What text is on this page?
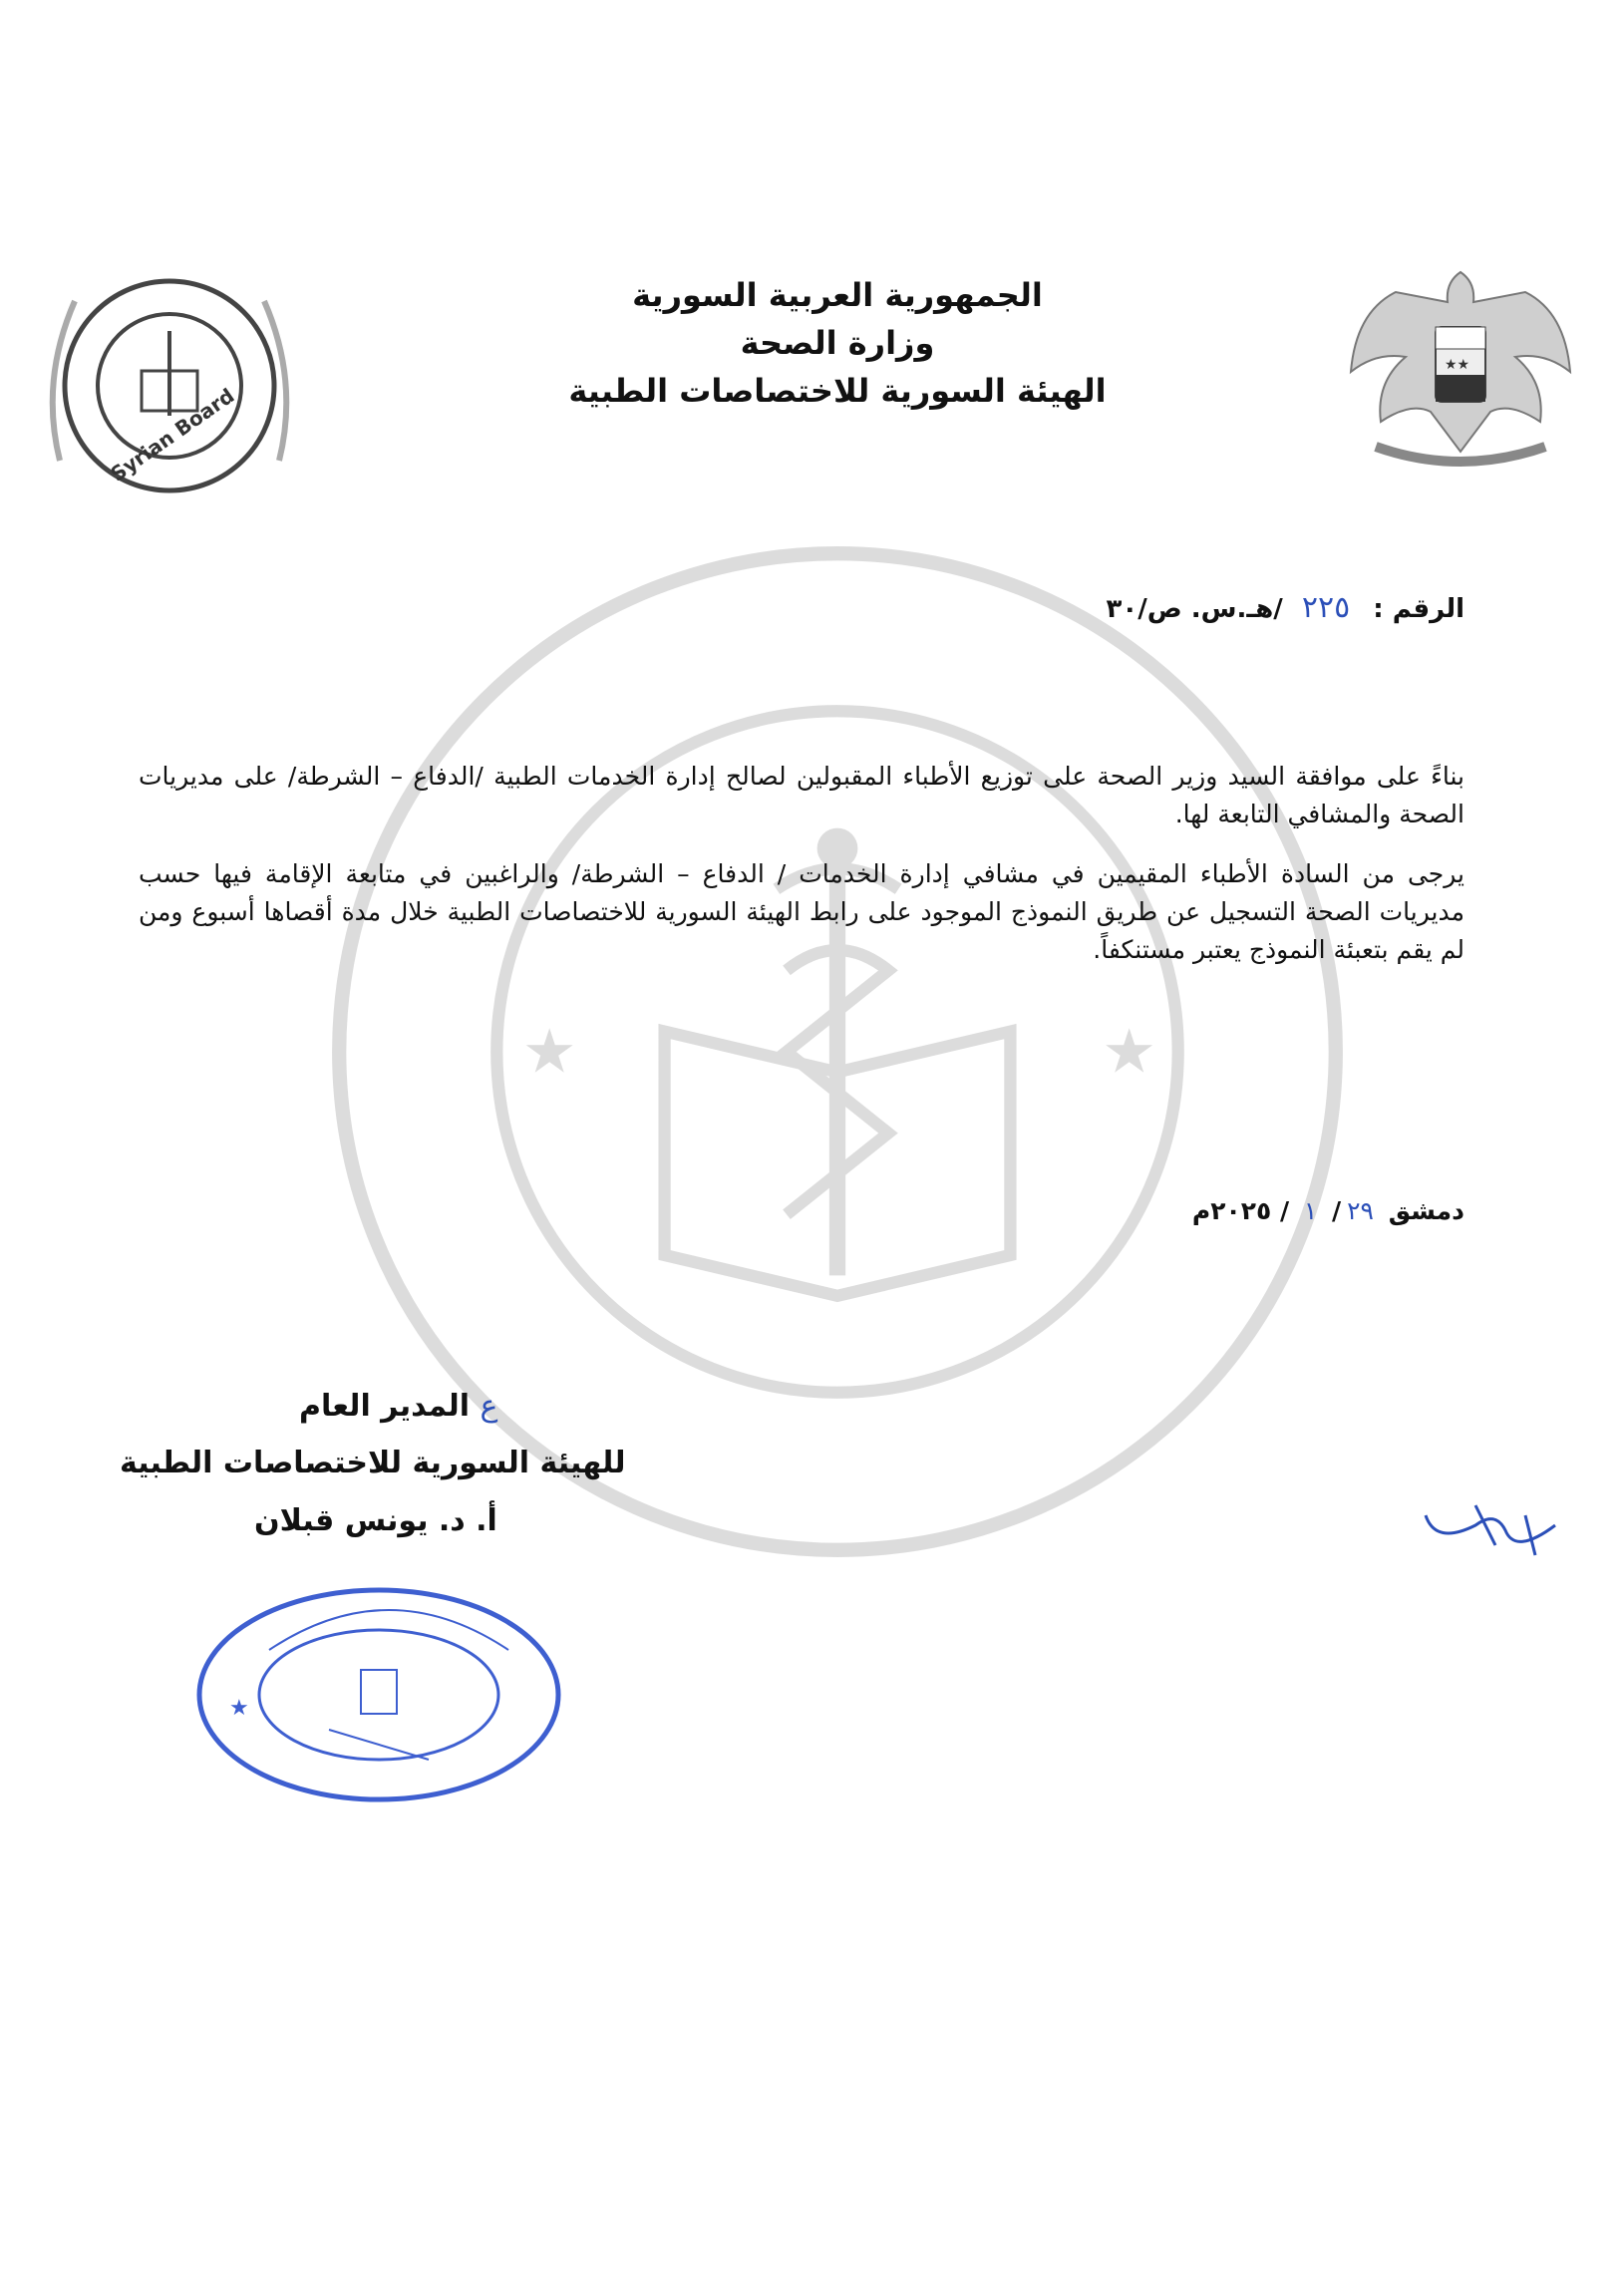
★	★
★★
Syrian Board
الجمهورية العربية السورية
وزارة الصحة
الهيئة السورية للاختصاصات الطبية
الرقم : ٢٢٥ /هـ.س. ص/٣٠
بناءً على موافقة السيد وزير الصحة على توزيع الأطباء المقبولين لصالح إدارة الخدمات الطبية /الدفاع – الشرطة/ على مديريات الصحة والمشافي التابعة لها.
يرجى من السادة الأطباء المقيمين في مشافي إدارة الخدمات / الدفاع – الشرطة/ والراغبين في متابعة الإقامة فيها حسب مديريات الصحة التسجيل عن طريق النموذج الموجود على رابط الهيئة السورية للاختصاصات الطبية خلال مدة أقصاها أسبوع ومن لم يقم بتعبئة النموذج يعتبر مستنكفاً.
دمشق ٢٩/ ١ / ٢٠٢٥م
ع المدير العام
للهيئة السورية للاختصاصات الطبية
أ. د. يونس قبلان
★
